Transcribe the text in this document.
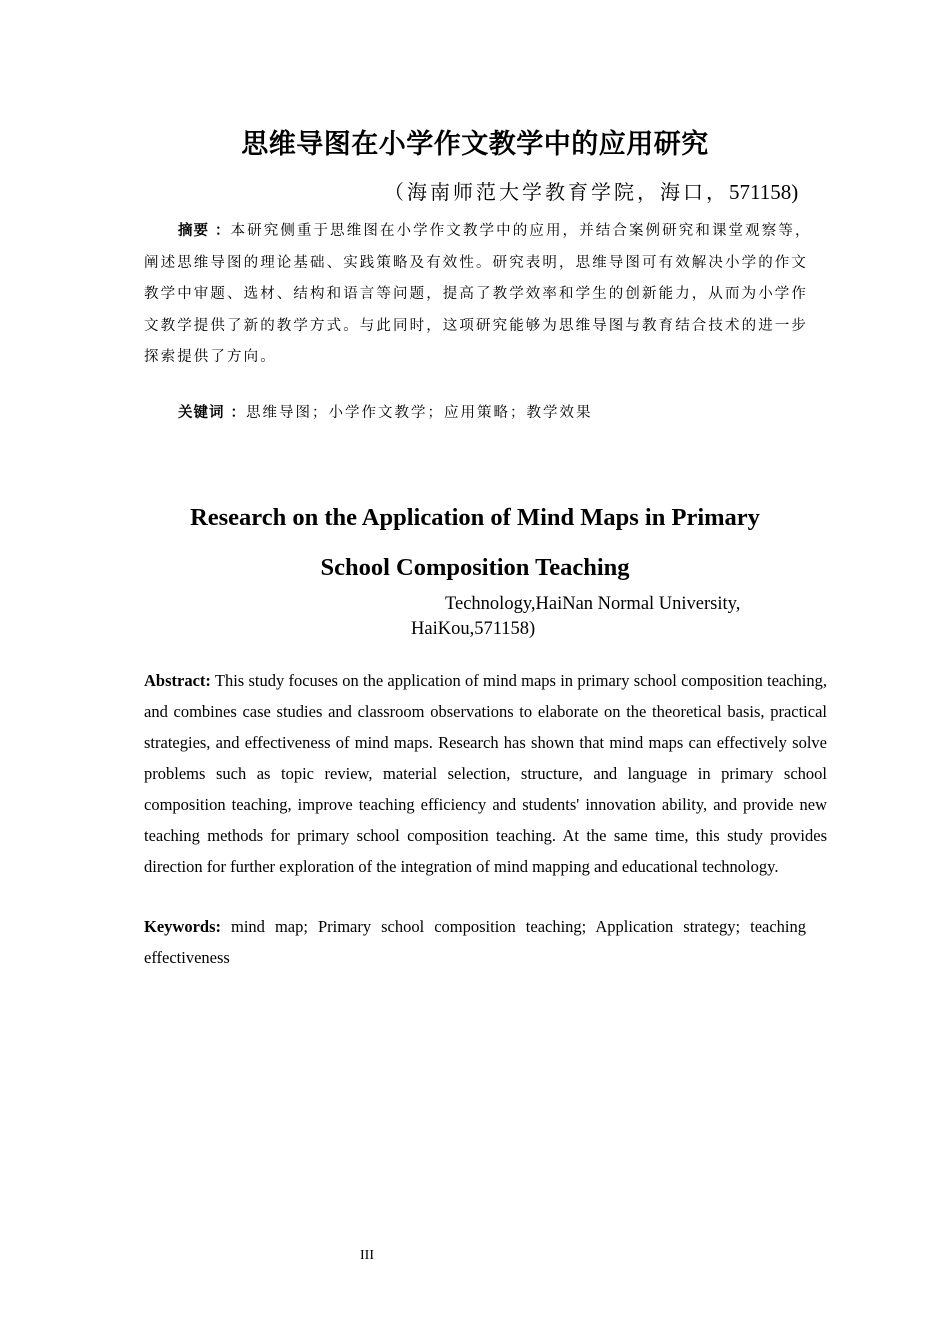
思维导图在小学作文教学中的应用研究
（海南师范大学教育学院，海口，571158)

摘要 ：本研究侧重于思维图在小学作文教学中的应用，并结合案例研究和课堂观察等，阐述思维导图的理论基础、实践策略及有效性。研究表明，思维导图可有效解决小学的作文教学中审题、选材、结构和语言等问题，提高了教学效率和学生的创新能力，从而为小学作文教学提供了新的教学方式。与此同时，这项研究能够为思维导图与教育结合技术的进一步探索提供了方向。

关键词 ：思维导图；小学作文教学；应用策略；教学效果
Research on the Application of Mind Maps in Primary
School Composition Teaching
Technology,HaiNan Normal University,
HaiKou,571158)

Abstract: This study focuses on the application of mind maps in primary school composition teaching, and combines case studies and classroom observations to elaborate on the theoretical basis, practical strategies, and effectiveness of mind maps. Research has shown that mind maps can effectively solve problems such as topic review, material selection, structure, and language in primary school composition teaching, improve teaching efficiency and students' innovation ability, and provide new teaching methods for primary school composition teaching. At the same time, this study provides direction for further exploration of the integration of mind mapping and educational technology.

Keywords: mind map; Primary school composition teaching; Application strategy; teaching effectiveness

III
